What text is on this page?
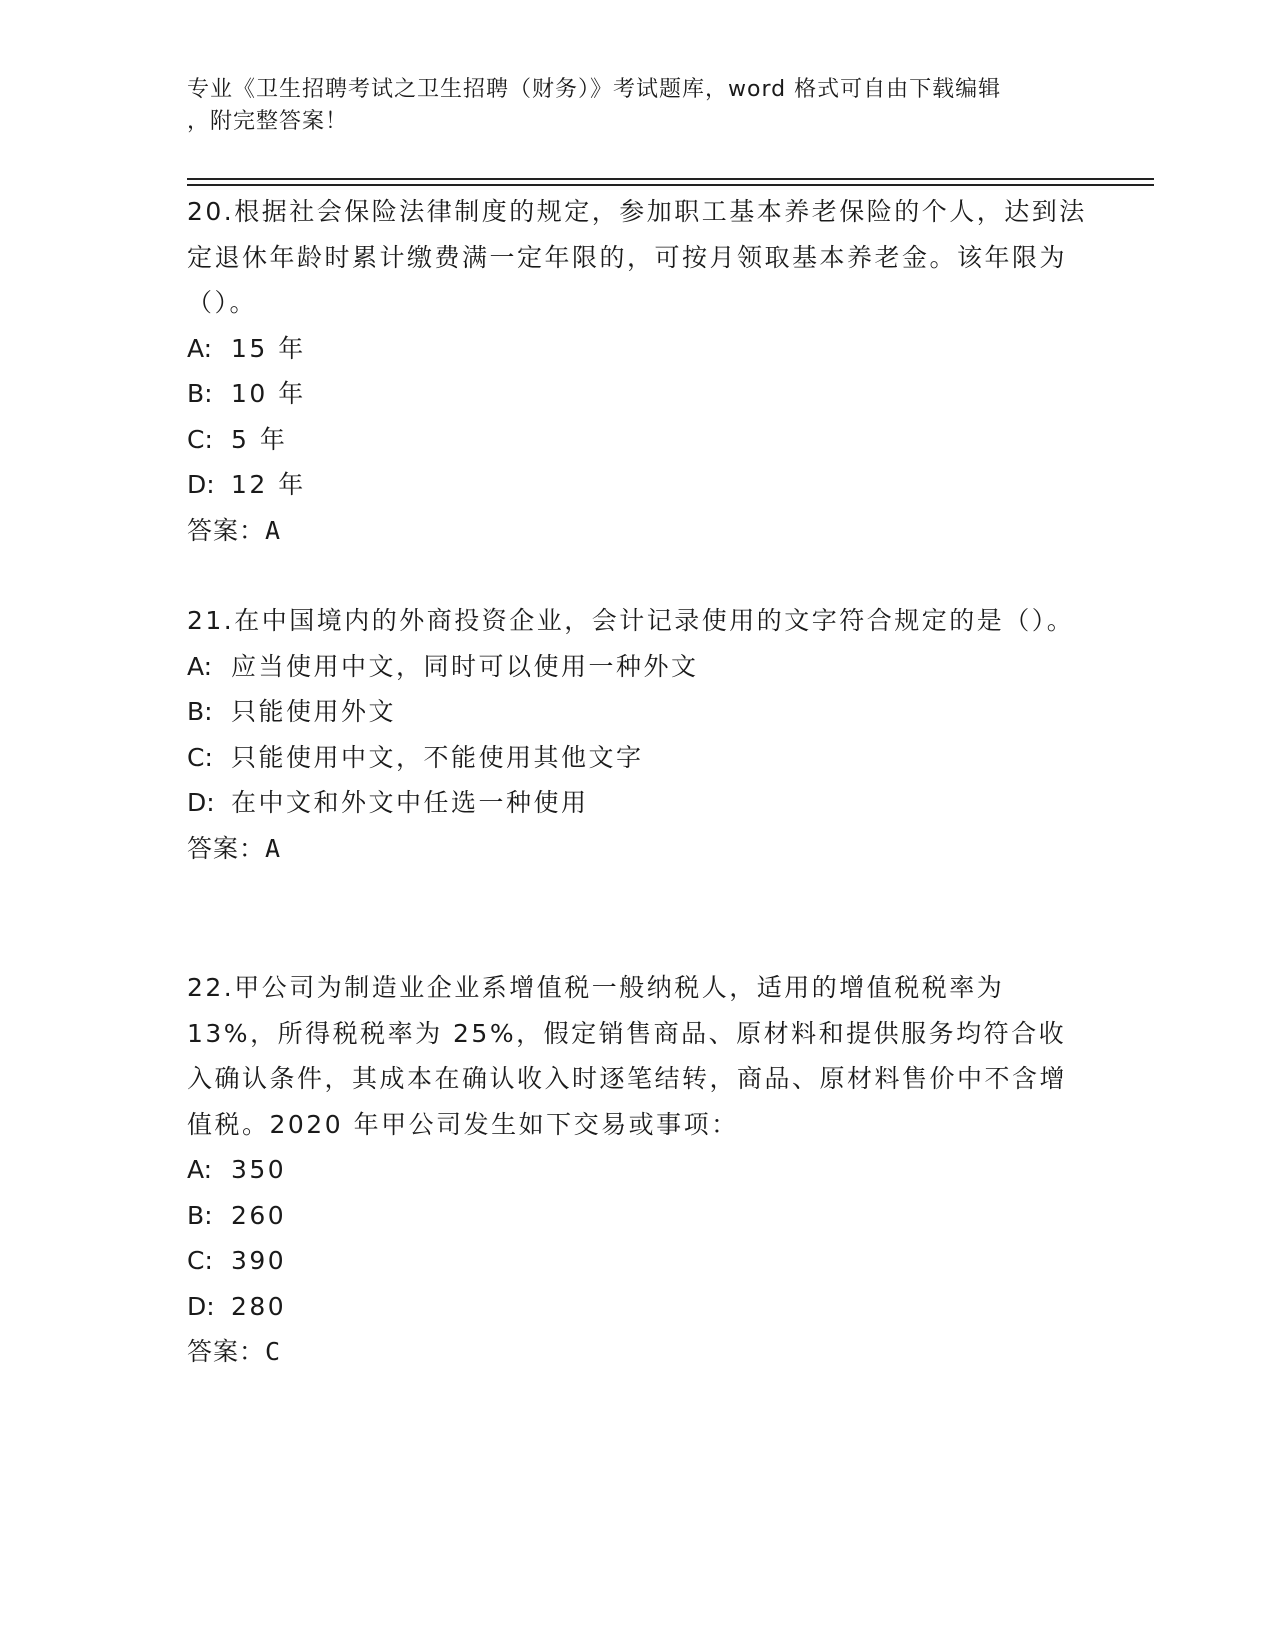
专业《卫生招聘考试之卫生招聘（财务）》考试题库，word 格式可自由下载编辑
，附完整答案！

20.根据社会保险法律制度的规定，参加职工基本养老保险的个人，达到法定退休年龄时累计缴费满一定年限的，可按月领取基本养老金。该年限为（）。

A: 15 年

B: 10 年

C: 5 年

D: 12 年

答案：A

21.在中国境内的外商投资企业，会计记录使用的文字符合规定的是（）。

A: 应当使用中文，同时可以使用一种外文

B: 只能使用外文

C: 只能使用中文，不能使用其他文字

D: 在中文和外文中任选一种使用

答案：A

22.甲公司为制造业企业系增值税一般纳税人，适用的增值税税率为 13%，所得税税率为 25%，假定销售商品、原材料和提供服务均符合收入确认条件，其成本在确认收入时逐笔结转，商品、原材料售价中不含增值税。2020 年甲公司发生如下交易或事项：

A: 350

B: 260

C: 390

D: 280

答案：C
